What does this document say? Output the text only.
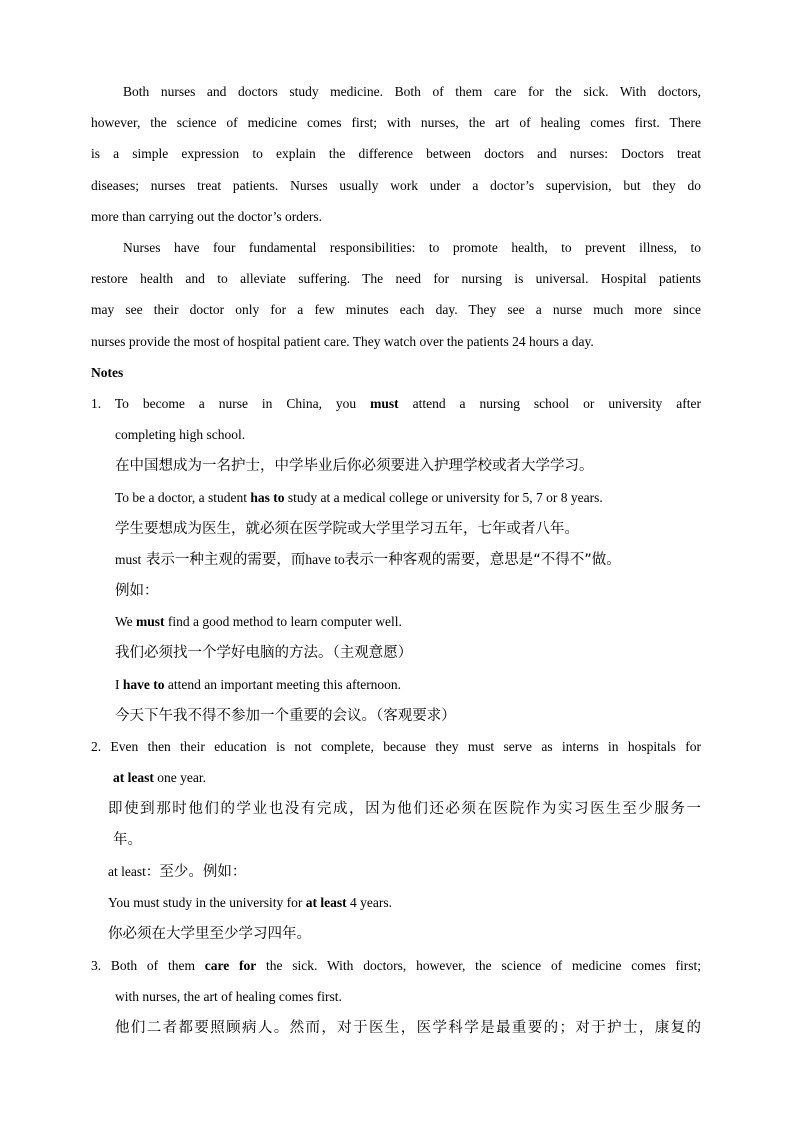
Both nurses and doctors study medicine. Both of them care for the sick. With doctors,
however, the science of medicine comes first; with nurses, the art of healing comes first. There
is a simple expression to explain the difference between doctors and nurses: Doctors treat
diseases; nurses treat patients. Nurses usually work under a doctor’s supervision, but they do
more than carrying out the doctor’s orders.
Nurses have four fundamental responsibilities: to promote health, to prevent illness, to
restore health and to alleviate suffering. The need for nursing is universal. Hospital patients
may see their doctor only for a few minutes each day. They see a nurse much more since
nurses provide the most of hospital patient care. They watch over the patients 24 hours a day.
Notes
1. To become a nurse in China, you must attend a nursing school or university after
completing high school.
在中国想成为一名护士，中学毕业后你必须要进入护理学校或者大学学习。
To be a doctor, a student has to study at a medical college or university for 5, 7 or 8 years.
学生要想成为医生，就必须在医学院或大学里学习五年，七年或者八年。
must 表示一种主观的需要，而have to表示一种客观的需要，意思是“不得不”做。
例如：
We must find a good method to learn computer well.
我们必须找一个学好电脑的方法。（主观意愿）
I have to attend an important meeting this afternoon.
今天下午我不得不参加一个重要的会议。（客观要求）
2. Even then their education is not complete, because they must serve as interns in hospitals for
at least one year.
即使到那时他们的学业也没有完成，因为他们还必须在医院作为实习医生至少服务一
年。
at least：至少。例如：
You must study in the university for at least 4 years.
你必须在大学里至少学习四年。
3. Both of them care for the sick. With doctors, however, the science of medicine comes first;
with nurses, the art of healing comes first.
他们二者都要照顾病人。然而，对于医生，医学科学是最重要的；对于护士，康复的
